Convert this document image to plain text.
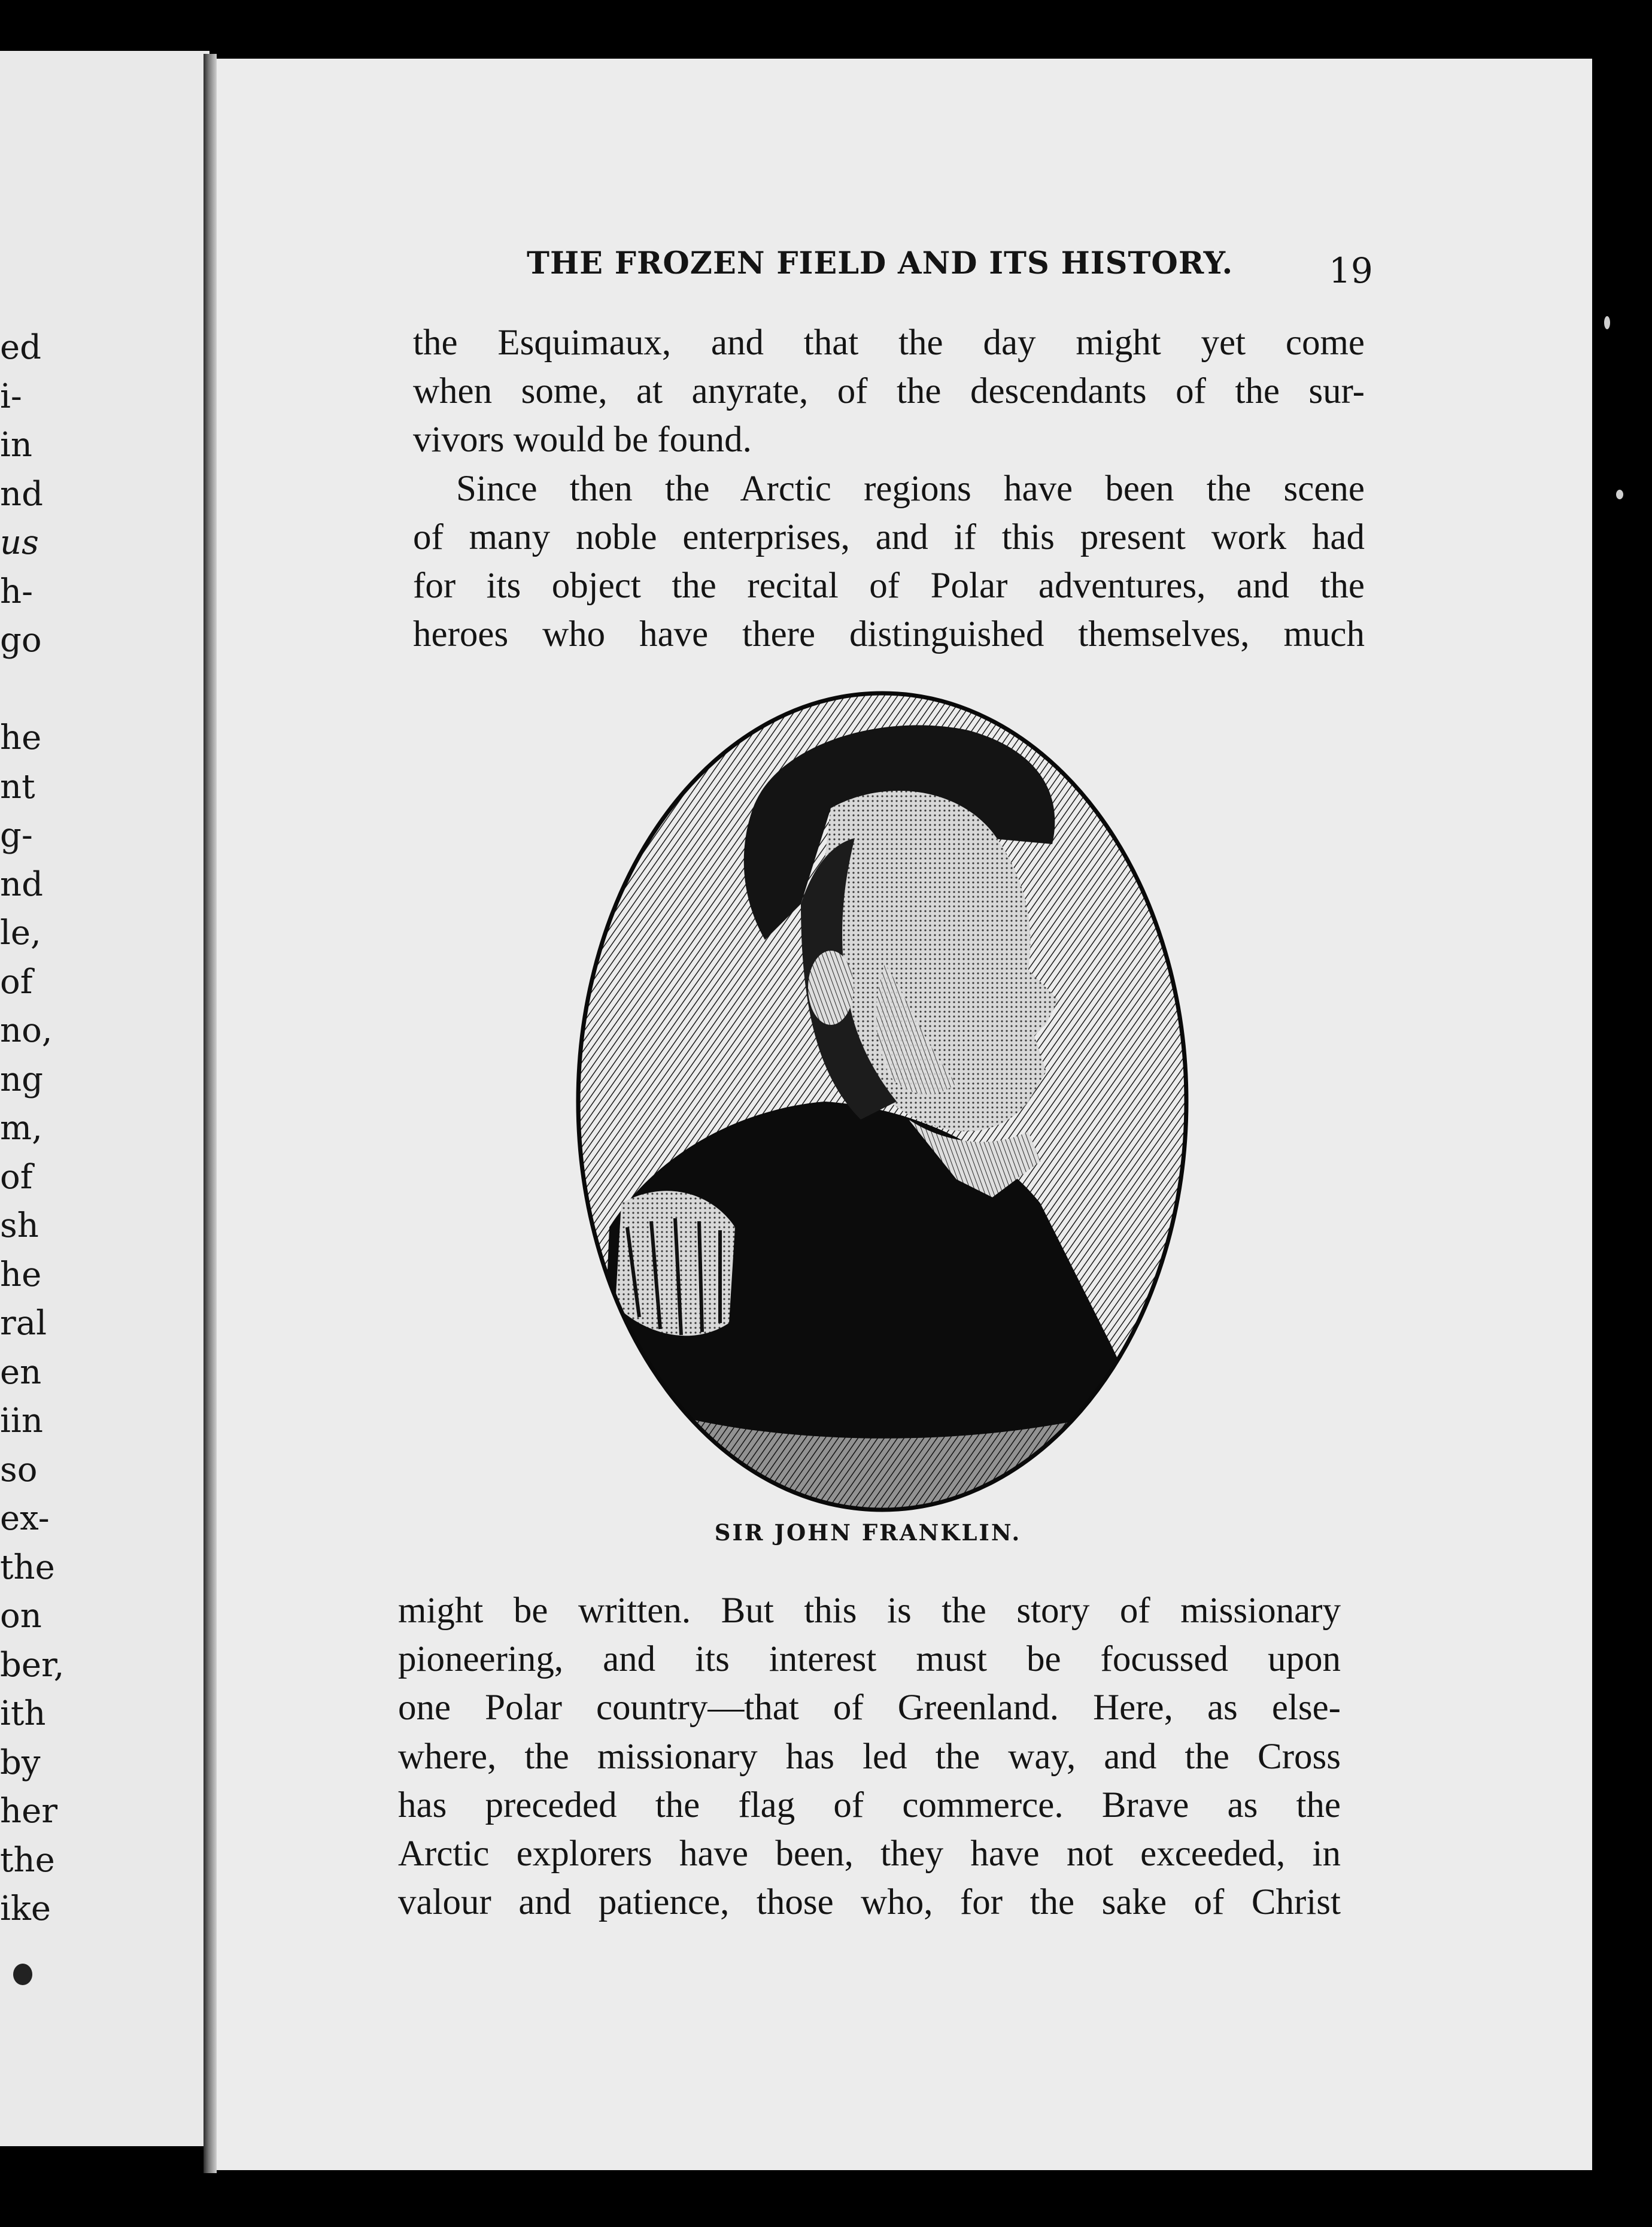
ed
i-
in
nd
us
h-
go
he
nt
g-
nd
le,
of
no,
ng
m,
of
sh
he
ral
en
iin
so
ex-
the
on
ber,
ith
by
her
the
ike
THE FROZEN FIELD AND ITS HISTORY.	19
the Esquimaux, and that the day might yet come
when some, at anyrate, of the descendants of the sur-
vivors would be found.
Since then the Arctic regions have been the scene
of many noble enterprises, and if this present work had
for its object the recital of Polar adventures, and the
heroes who have there distinguished themselves, much
SIR JOHN FRANKLIN.
might be written. But this is the story of missionary
pioneering, and its interest must be focussed upon
one Polar country—that of Greenland. Here, as else-
where, the missionary has led the way, and the Cross
has preceded the flag of commerce. Brave as the
Arctic explorers have been, they have not exceeded, in
valour and patience, those who, for the sake of Christ
